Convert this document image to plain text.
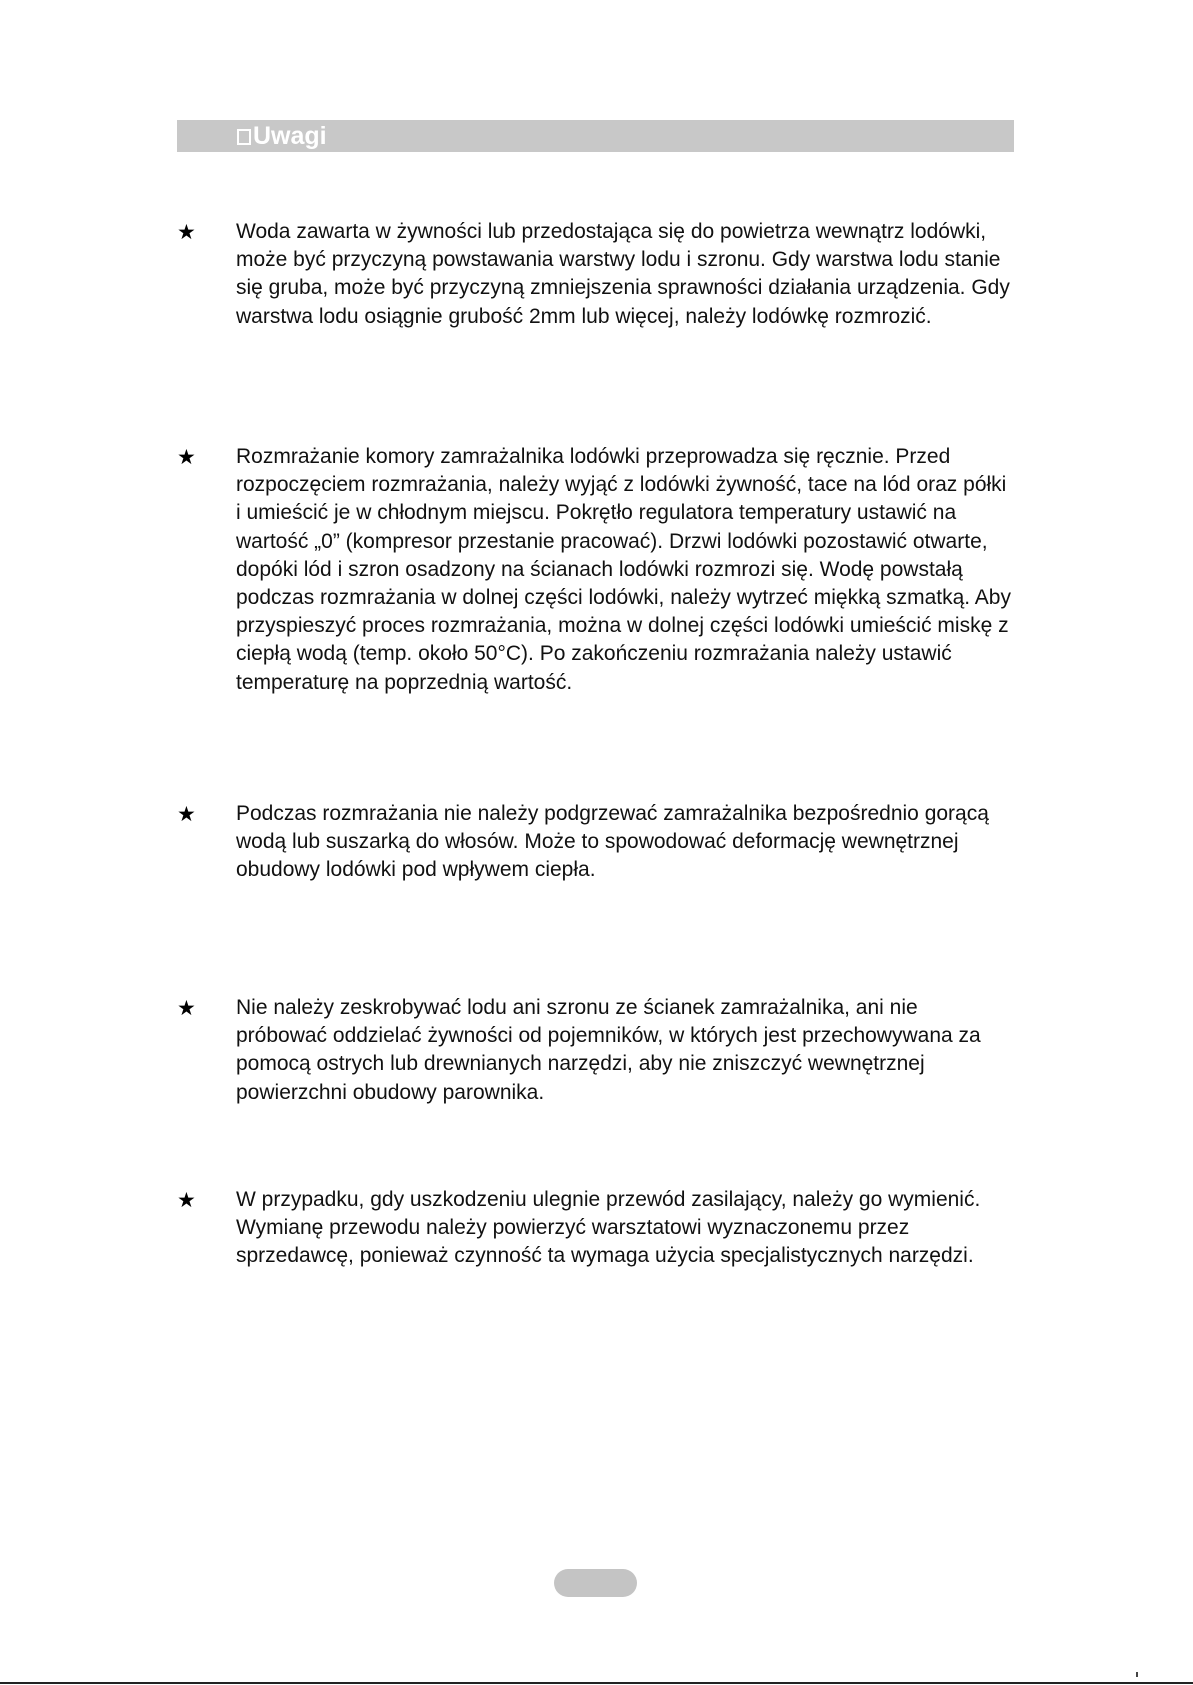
Uwagi
★	Woda zawarta w żywności lub przedostająca się do powietrza wewnątrz lodówki, może być przyczyną powstawania warstwy lodu i szronu. Gdy warstwa lodu stanie się gruba, może być przyczyną zmniejszenia sprawności działania urządzenia. Gdy warstwa lodu osiągnie grubość 2mm lub więcej, należy lodówkę rozmrozić.
★	Rozmrażanie komory zamrażalnika lodówki przeprowadza się ręcznie. Przed rozpoczęciem rozmrażania, należy wyjąć z lodówki żywność, tace na lód oraz półki i umieścić je w chłodnym miejscu. Pokrętło regulatora temperatury ustawić na wartość „0” (kompresor przestanie pracować). Drzwi lodówki pozostawić otwarte, dopóki lód i szron osadzony na ścianach lodówki rozmrozi się. Wodę powstałą podczas rozmrażania w dolnej części lodówki, należy wytrzeć miękką szmatką. Aby przyspieszyć proces rozmrażania, można w dolnej części lodówki umieścić miskę z ciepłą wodą (temp. około 50°C). Po zakończeniu rozmrażania należy ustawić temperaturę na poprzednią wartość.
★	Podczas rozmrażania nie należy podgrzewać zamrażalnika bezpośrednio gorącą wodą lub suszarką do włosów. Może to spowodować deformację wewnętrznej obudowy lodówki pod wpływem ciepła.
★	Nie należy zeskrobywać lodu ani szronu ze ścianek zamrażalnika, ani nie próbować oddzielać żywności od pojemników, w których jest przechowywana za pomocą ostrych lub drewnianych narzędzi, aby nie zniszczyć wewnętrznej powierzchni obudowy parownika.
★	W przypadku, gdy uszkodzeniu ulegnie przewód zasilający, należy go wymienić. Wymianę przewodu należy powierzyć warsztatowi wyznaczonemu przez sprzedawcę, ponieważ czynność ta wymaga użycia specjalistycznych narzędzi.
